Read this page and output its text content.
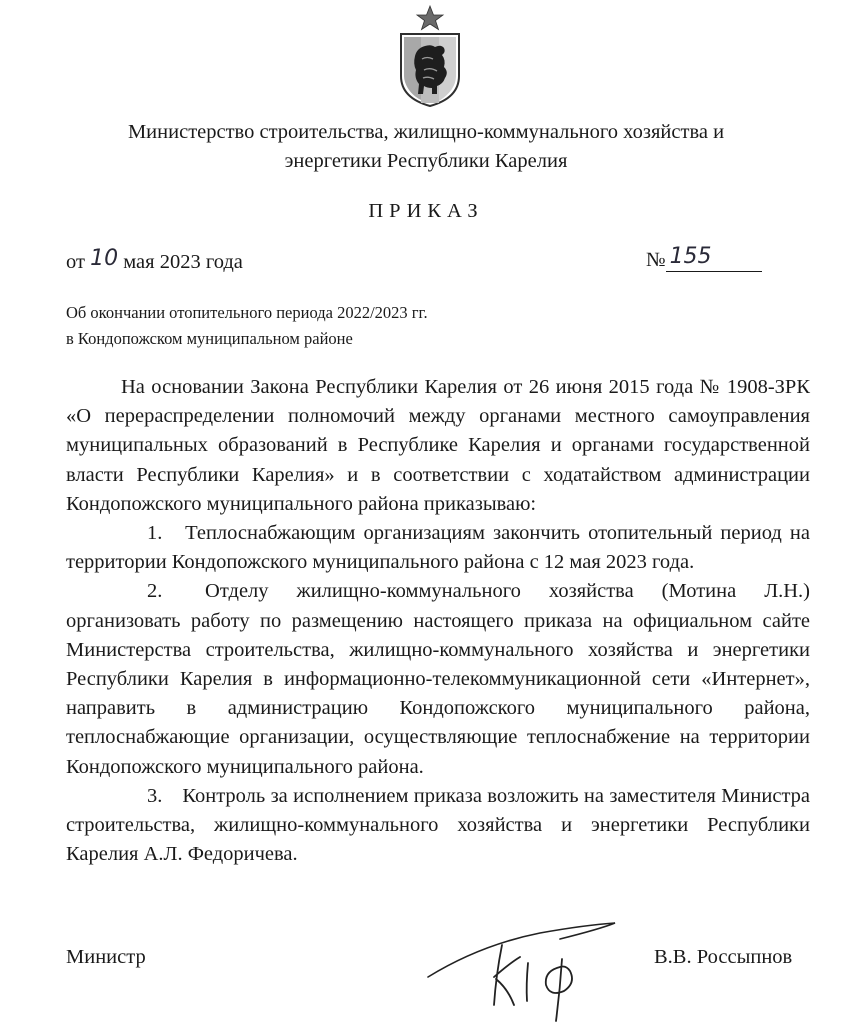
Министерство строительства, жилищно-коммунального хозяйства и
энергетики Республики Карелия
ПРИКАЗ
от 10 мая 2023 года	№ 155
Об окончании отопительного периода 2022/2023 гг.
в Кондопожском муниципальном районе

На основании Закона Республики Карелия от 26 июня 2015 года № 1908-ЗРК «О перераспределении полномочий между органами местного самоуправления муниципальных образований в Республике Карелия и органами государственной власти Республики Карелия» и в соответствии с ходатайством администрации Кондопожского муниципального района приказываю:

1. Теплоснабжающим организациям закончить отопительный период на территории Кондопожского муниципального района с 12 мая 2023 года.

2. Отделу жилищно-коммунального хозяйства (Мотина Л.Н.) организовать работу по размещению настоящего приказа на официальном сайте Министерства строительства, жилищно-коммунального хозяйства и энергетики Республики Карелия в информационно-телекоммуникационной сети «Интернет», направить в администрацию Кондопожского муниципального района, теплоснабжающие организации, осуществляющие теплоснабжение на территории Кондопожского муниципального района.

3. Контроль за исполнением приказа возложить на заместителя Министра строительства, жилищно-коммунального хозяйства и энергетики Республики Карелия А.Л. Федоричева.

Министр	В.В. Россыпнов
